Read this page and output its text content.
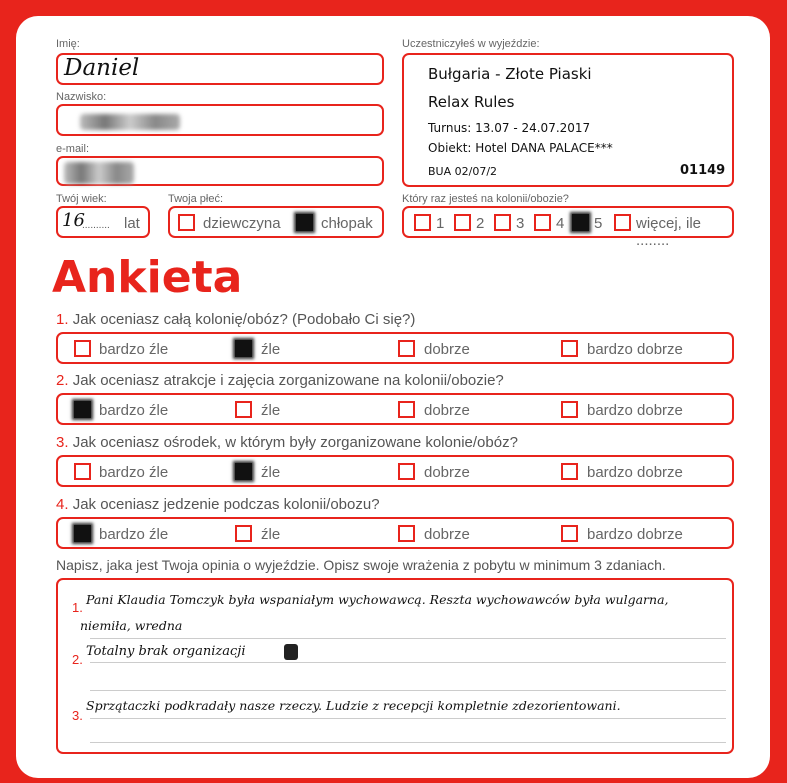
Imię:
Daniel
Nazwisko:
e-mail:
Twój wiek:
16
.......... lat
Twoja płeć:
dziewczyna	chłopak
Uczestniczyłeś w wyjeździe:
Bułgaria - Złote Piaski
Relax Rules
Turnus: 13.07 - 24.07.2017
Obiekt: Hotel DANA PALACE***
BUA 02/07/2	01149
Który raz jesteś na kolonii/obozie?
1 2 3 4 5 więcej, ile ........
Ankieta
1. Jak oceniasz całą kolonię/obóz? (Podobało Ci się?)
bardzo źle	źle	dobrze	bardzo dobrze
2. Jak oceniasz atrakcje i zajęcia zorganizowane na kolonii/obozie?
bardzo źle	źle	dobrze	bardzo dobrze
3. Jak oceniasz ośrodek, w którym były zorganizowane kolonie/obóz?
bardzo źle	źle	dobrze	bardzo dobrze
4. Jak oceniasz jedzenie podczas kolonii/obozu?
bardzo źle	źle	dobrze	bardzo dobrze
Napisz, jaka jest Twoja opinia o wyjeździe. Opisz swoje wrażenia z pobytu w minimum 3 zdaniach.
1.
Pani Klaudia Tomczyk była wspaniałym wychowawcą. Reszta wychowawców była wulgarna,
niemiła, wredna
2.
Totalny brak organizacji
3.
Sprzątaczki podkradały nasze rzeczy. Ludzie z recepcji kompletnie zdezorientowani.
